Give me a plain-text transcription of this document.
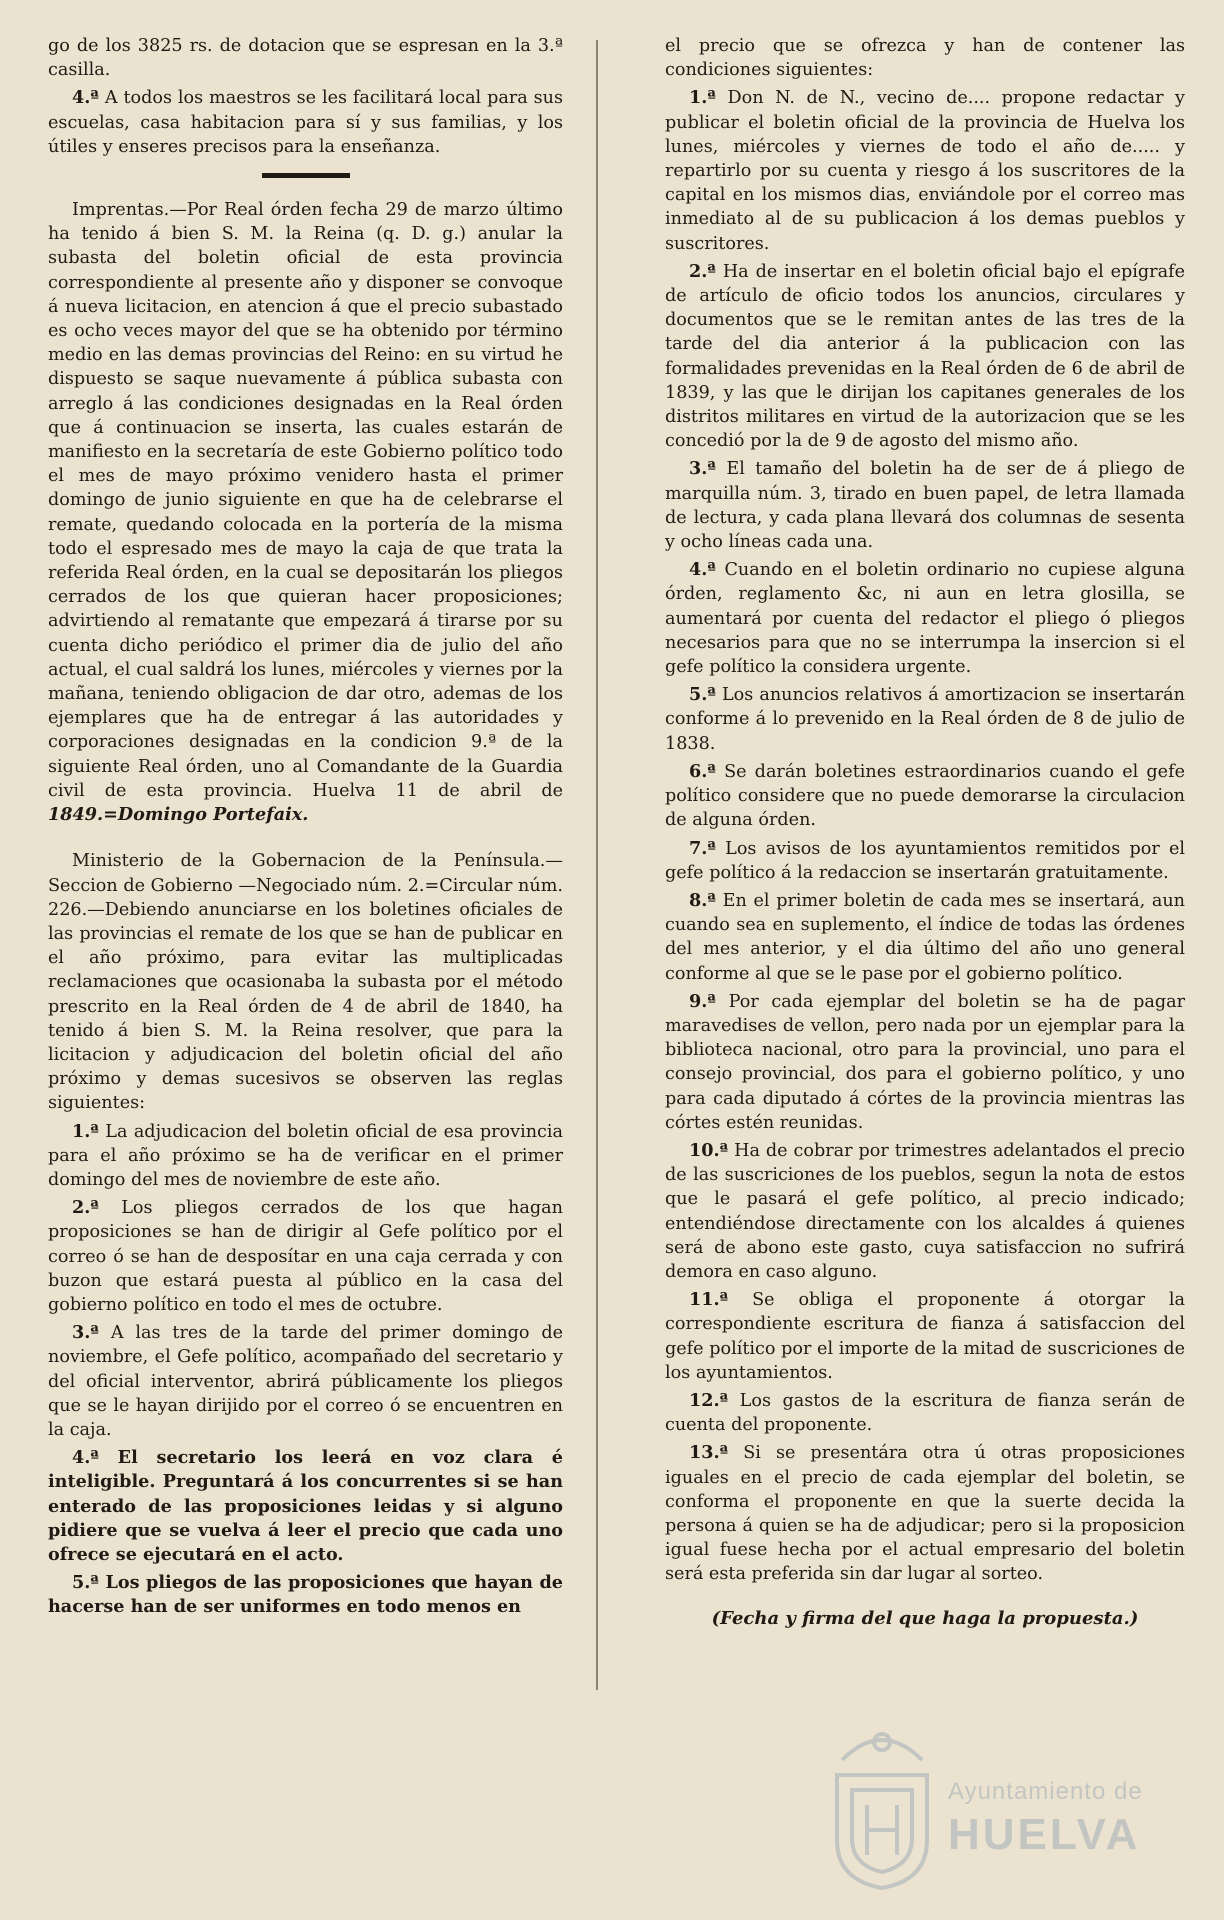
go de los 3825 rs. de dotacion que se espresan en la 3.ª casilla.

4.ª A todos los maestros se les facilitará local para sus escuelas, casa habitacion para sí y sus familias, y los útiles y enseres precisos para la enseñanza.

Imprentas.—Por Real órden fecha 29 de marzo último ha tenido á bien S. M. la Reina (q. D. g.) anular la subasta del boletin oficial de esta provincia correspondiente al presente año y disponer se convoque á nueva licitacion, en atencion á que el precio subastado es ocho veces mayor del que se ha obtenido por término medio en las demas provincias del Reino: en su virtud he dispuesto se saque nuevamente á pública subasta con arreglo á las condiciones designadas en la Real órden que á continuacion se inserta, las cuales estarán de manifiesto en la secretaría de este Gobierno político todo el mes de mayo próximo venidero hasta el primer domingo de junio siguiente en que ha de celebrarse el remate, quedando colocada en la portería de la misma todo el espresado mes de mayo la caja de que trata la referida Real órden, en la cual se depositarán los pliegos cerrados de los que quieran hacer proposiciones; advirtiendo al rematante que empezará á tirarse por su cuenta dicho periódico el primer dia de julio del año actual, el cual saldrá los lunes, miércoles y viernes por la mañana, teniendo obligacion de dar otro, ademas de los ejemplares que ha de entregar á las autoridades y corporaciones designadas en la condicion 9.ª de la siguiente Real órden, uno al Comandante de la Guardia civil de esta provincia. Huelva 11 de abril de 1849.=Domingo Portefaix.

Ministerio de la Gobernacion de la Península.—Seccion de Gobierno —Negociado núm. 2.=Circular núm. 226.—Debiendo anunciarse en los boletines oficiales de las provincias el remate de los que se han de publicar en el año próximo, para evitar las multiplicadas reclamaciones que ocasionaba la subasta por el método prescrito en la Real órden de 4 de abril de 1840, ha tenido á bien S. M. la Reina resolver, que para la licitacion y adjudicacion del boletin oficial del año próximo y demas sucesivos se observen las reglas siguientes:

1.ª La adjudicacion del boletin oficial de esa provincia para el año próximo se ha de verificar en el primer domingo del mes de noviembre de este año.

2.ª Los pliegos cerrados de los que hagan proposiciones se han de dirigir al Gefe político por el correo ó se han de desposítar en una caja cerrada y con buzon que estará puesta al público en la casa del gobierno político en todo el mes de octubre.

3.ª A las tres de la tarde del primer domingo de noviembre, el Gefe político, acompañado del secretario y del oficial interventor, abrirá públicamente los pliegos que se le hayan dirijido por el correo ó se encuentren en la caja.

4.ª El secretario los leerá en voz clara é inteligible. Preguntará á los concurrentes si se han enterado de las proposiciones leidas y si alguno pidiere que se vuelva á leer el precio que cada uno ofrece se ejecutará en el acto.

5.ª Los pliegos de las proposiciones que hayan de hacerse han de ser uniformes en todo menos en

el precio que se ofrezca y han de contener las condiciones siguientes:

1.ª Don N. de N., vecino de.... propone redactar y publicar el boletin oficial de la provincia de Huelva los lunes, miércoles y viernes de todo el año de..... y repartirlo por su cuenta y riesgo á los suscritores de la capital en los mismos dias, enviándole por el correo mas inmediato al de su publicacion á los demas pueblos y suscritores.

2.ª Ha de insertar en el boletin oficial bajo el epígrafe de artículo de oficio todos los anuncios, circulares y documentos que se le remitan antes de las tres de la tarde del dia anterior á la publicacion con las formalidades prevenidas en la Real órden de 6 de abril de 1839, y las que le dirijan los capitanes generales de los distritos militares en virtud de la autorizacion que se les concedió por la de 9 de agosto del mismo año.

3.ª El tamaño del boletin ha de ser de á pliego de marquilla núm. 3, tirado en buen papel, de letra llamada de lectura, y cada plana llevará dos columnas de sesenta y ocho líneas cada una.

4.ª Cuando en el boletin ordinario no cupiese alguna órden, reglamento &c, ni aun en letra glosilla, se aumentará por cuenta del redactor el pliego ó pliegos necesarios para que no se interrumpa la insercion si el gefe político la considera urgente.

5.ª Los anuncios relativos á amortizacion se insertarán conforme á lo prevenido en la Real órden de 8 de julio de 1838.

6.ª Se darán boletines estraordinarios cuando el gefe político considere que no puede demorarse la circulacion de alguna órden.

7.ª Los avisos de los ayuntamientos remitidos por el gefe político á la redaccion se insertarán gratuitamente.

8.ª En el primer boletin de cada mes se insertará, aun cuando sea en suplemento, el índice de todas las órdenes del mes anterior, y el dia último del año uno general conforme al que se le pase por el gobierno político.

9.ª Por cada ejemplar del boletin se ha de pagar maravedises de vellon, pero nada por un ejemplar para la biblioteca nacional, otro para la provincial, uno para el consejo provincial, dos para el gobierno político, y uno para cada diputado á córtes de la provincia mientras las córtes estén reunidas.

10.ª Ha de cobrar por trimestres adelantados el precio de las suscriciones de los pueblos, segun la nota de estos que le pasará el gefe político, al precio indicado; entendiéndose directamente con los alcaldes á quienes será de abono este gasto, cuya satisfaccion no sufrirá demora en caso alguno.

11.ª Se obliga el proponente á otorgar la correspondiente escritura de fianza á satisfaccion del gefe político por el importe de la mitad de suscriciones de los ayuntamientos.

12.ª Los gastos de la escritura de fianza serán de cuenta del proponente.

13.ª Si se presentára otra ú otras proposiciones iguales en el precio de cada ejemplar del boletin, se conforma el proponente en que la suerte decida la persona á quien se ha de adjudicar; pero si la proposicion igual fuese hecha por el actual empresario del boletin será esta preferida sin dar lugar al sorteo.

(Fecha y firma del que haga la propuesta.)

Ayuntamiento de
HUELVA
